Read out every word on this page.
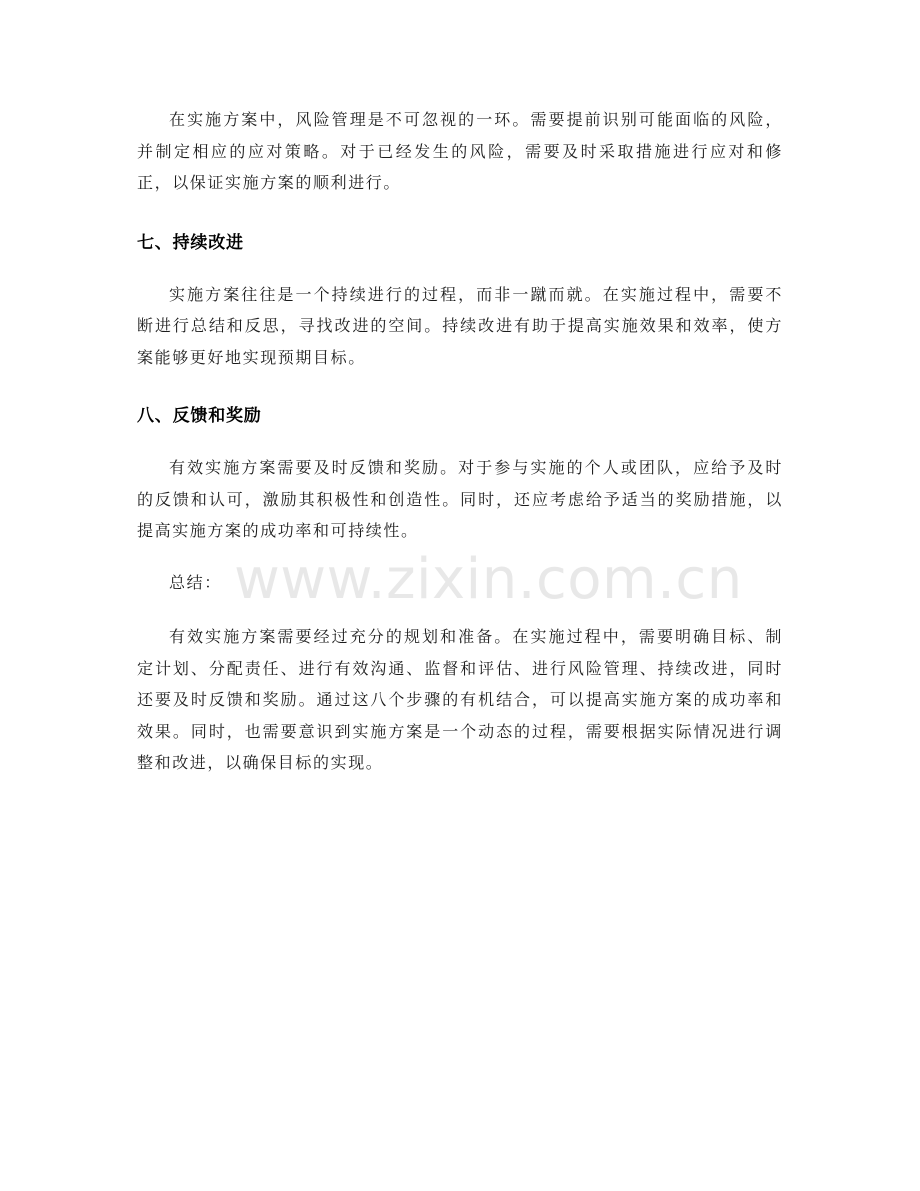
在实施方案中，风险管理是不可忽视的一环。需要提前识别可能面临的风险，并制定相应的应对策略。对于已经发生的风险，需要及时采取措施进行应对和修正，以保证实施方案的顺利进行。

七、持续改进

实施方案往往是一个持续进行的过程，而非一蹴而就。在实施过程中，需要不断进行总结和反思，寻找改进的空间。持续改进有助于提高实施效果和效率，使方案能够更好地实现预期目标。

八、反馈和奖励

有效实施方案需要及时反馈和奖励。对于参与实施的个人或团队，应给予及时的反馈和认可，激励其积极性和创造性。同时，还应考虑给予适当的奖励措施，以提高实施方案的成功率和可持续性。

总结：

有效实施方案需要经过充分的规划和准备。在实施过程中，需要明确目标、制定计划、分配责任、进行有效沟通、监督和评估、进行风险管理、持续改进，同时还要及时反馈和奖励。通过这八个步骤的有机结合，可以提高实施方案的成功率和效果。同时，也需要意识到实施方案是一个动态的过程，需要根据实际情况进行调整和改进，以确保目标的实现。

www.zixin.com.cn
